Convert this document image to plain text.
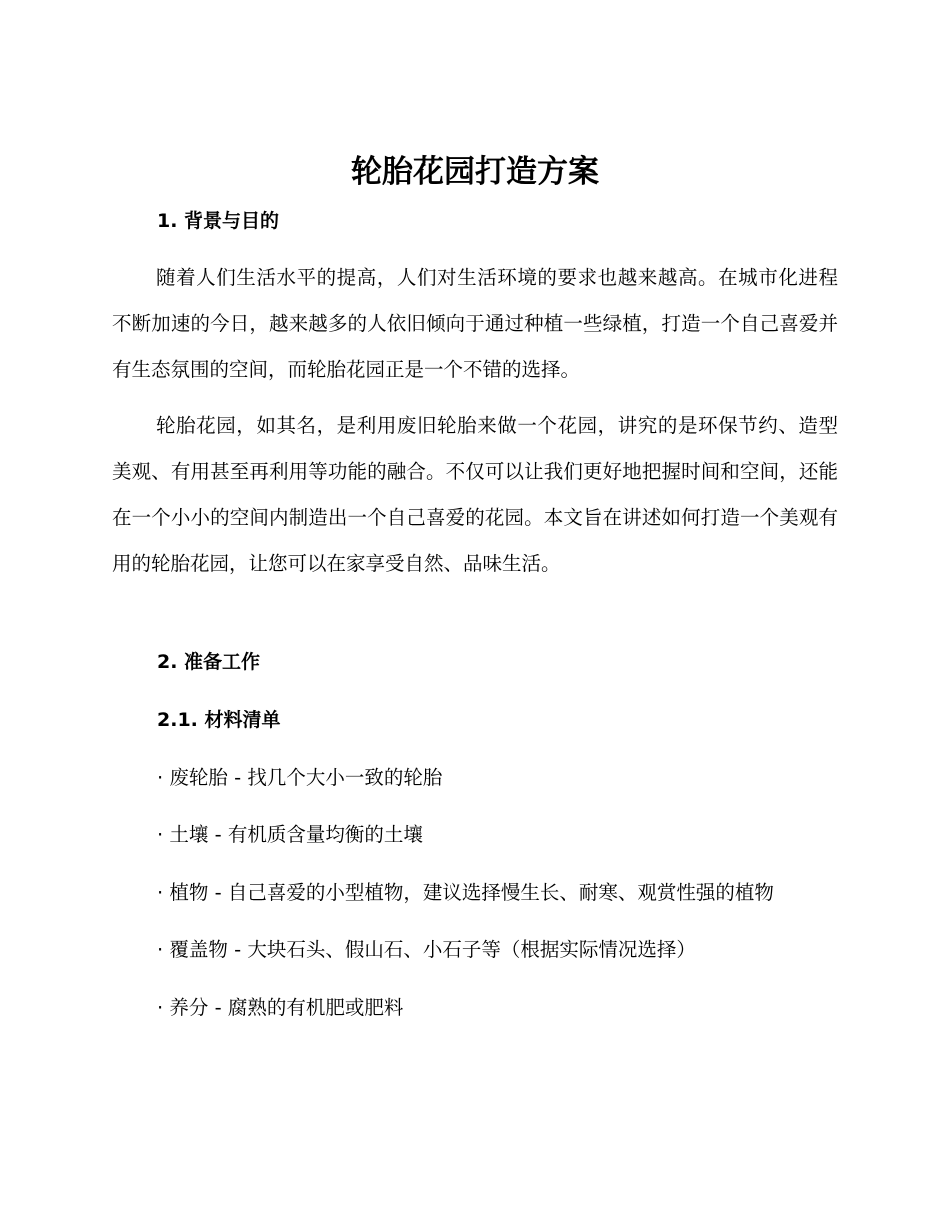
轮胎花园打造方案
1. 背景与目的

随着人们生活水平的提高，人们对生活环境的要求也越来越高。在城市化进程不断加速的今日，越来越多的人依旧倾向于通过种植一些绿植，打造一个自己喜爱并有生态氛围的空间，而轮胎花园正是一个不错的选择。

轮胎花园，如其名，是利用废旧轮胎来做一个花园，讲究的是环保节约、造型美观、有用甚至再利用等功能的融合。不仅可以让我们更好地把握时间和空间，还能在一个小小的空间内制造出一个自己喜爱的花园。本文旨在讲述如何打造一个美观有用的轮胎花园，让您可以在家享受自然、品味生活。

2. 准备工作
2.1. 材料清单

· 废轮胎 - 找几个大小一致的轮胎

· 土壤 - 有机质含量均衡的土壤

· 植物 - 自己喜爱的小型植物，建议选择慢生长、耐寒、观赏性强的植物

· 覆盖物 - 大块石头、假山石、小石子等（根据实际情况选择）

· 养分 - 腐熟的有机肥或肥料
